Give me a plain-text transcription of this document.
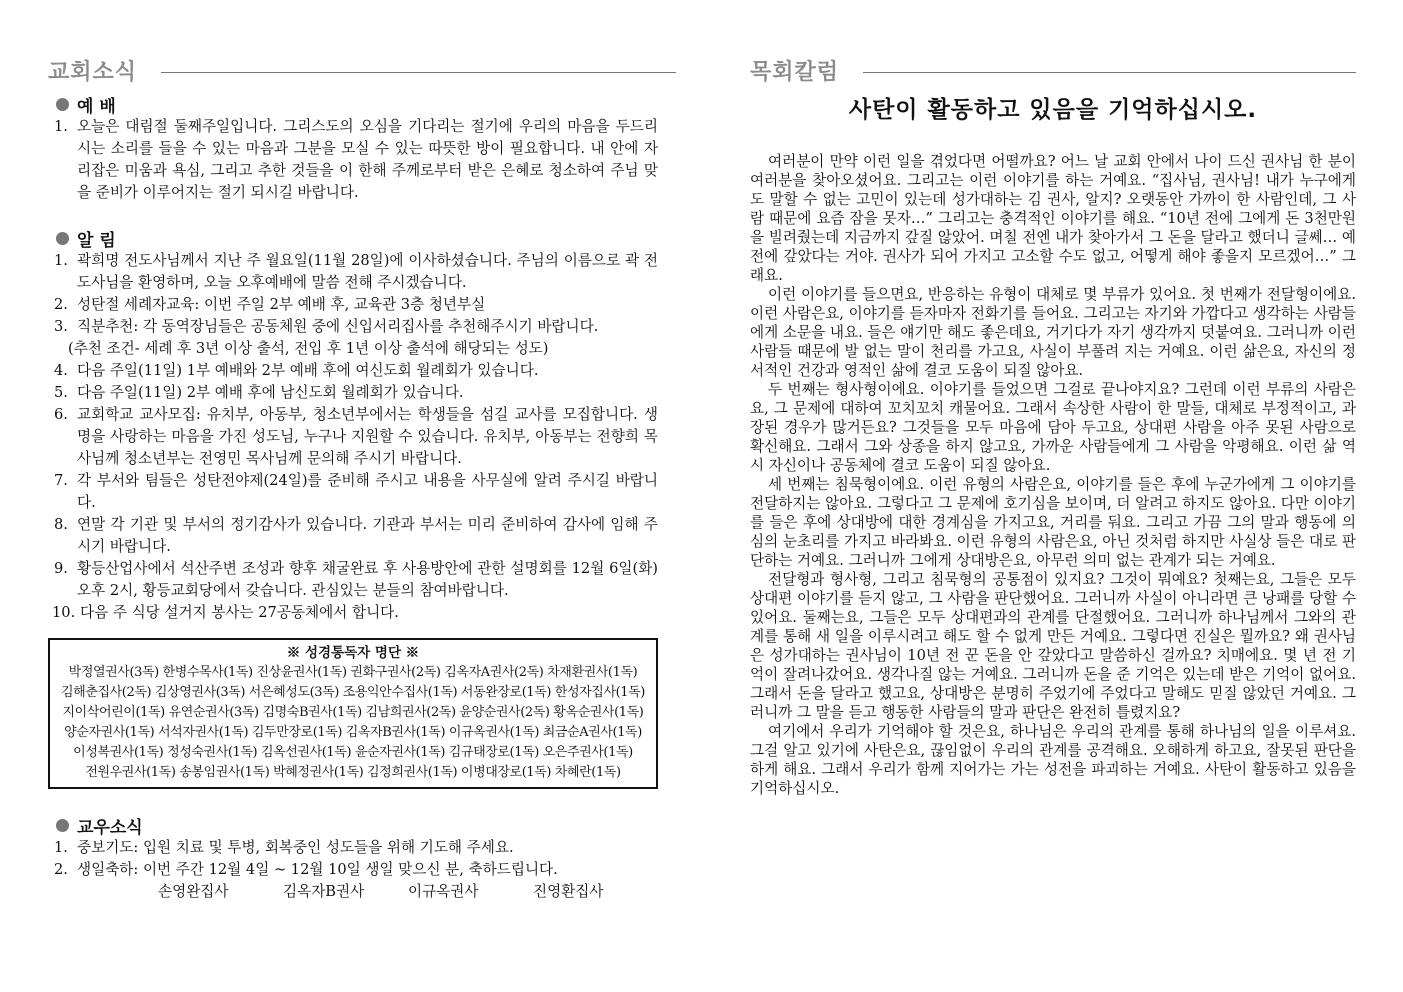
교회소식
예 배
1. 오늘은 대림절 둘째주일입니다. 그리스도의 오심을 기다리는 절기에 우리의 마음을 두드리시는 소리를 들을 수 있는 마음과 그분을 모실 수 있는 따뜻한 방이 필요합니다. 내 안에 자리잡은 미움과 욕심, 그리고 추한 것들을 이 한해 주께로부터 받은 은혜로 청소하여 주님 맞을 준비가 이루어지는 절기 되시길 바랍니다.
알 림
1. 곽희명 전도사님께서 지난 주 월요일(11월 28일)에 이사하셨습니다. 주님의 이름으로 곽 전도사님을 환영하며, 오늘 오후예배에 말씀 전해 주시겠습니다.
2. 성탄절 세례자교육: 이번 주일 2부 예배 후, 교육관 3층 청년부실
3. 직분추천: 각 동역장님들은 공동체원 중에 신입서리집사를 추천해주시기 바랍니다.
(추천 조건- 세례 후 3년 이상 출석, 전입 후 1년 이상 출석에 해당되는 성도)
4. 다음 주일(11일) 1부 예배와 2부 예배 후에 여신도회 월례회가 있습니다.
5. 다음 주일(11일) 2부 예배 후에 남신도회 월례회가 있습니다.
6. 교회학교 교사모집: 유치부, 아동부, 청소년부에서는 학생들을 섬길 교사를 모집합니다. 생명을 사랑하는 마음을 가진 성도님, 누구나 지원할 수 있습니다. 유치부, 아동부는 전향희 목사님께 청소년부는 전영민 목사님께 문의해 주시기 바랍니다.
7. 각 부서와 팀들은 성탄전야제(24일)를 준비해 주시고 내용을 사무실에 알려 주시길 바랍니다.
8. 연말 각 기관 및 부서의 정기감사가 있습니다. 기관과 부서는 미리 준비하여 감사에 임해 주시기 바랍니다.
9. 황등산업사에서 석산주변 조성과 향후 채굴완료 후 사용방안에 관한 설명회를 12월 6일(화) 오후 2시, 황등교회당에서 갖습니다. 관심있는 분들의 참여바랍니다.
10. 다음 주 식당 설거지 봉사는 27공동체에서 합니다.
※ 성경통독자 명단 ※
박정열권사(3독) 한병수목사(1독) 진상윤권사(1독) 권화구권사(2독) 김옥자A권사(2독) 차재환권사(1독)
김해춘집사(2독) 김상영권사(3독) 서은혜성도(3독) 조용익안수집사(1독) 서동완장로(1독) 한성자집사(1독)
지이삭어린이(1독) 유연순권사(3독) 김명숙B권사(1독) 김남희권사(2독) 윤양순권사(2독) 황옥순권사(1독)
양순자권사(1독) 서석자권사(1독) 김두만장로(1독) 김옥자B권사(1독) 이규옥권사(1독) 최금순A권사(1독)
이성복권사(1독) 정성숙권사(1독) 김옥선권사(1독) 윤순자권사(1독) 김규태장로(1독) 오은주권사(1독)
전원우권사(1독) 송봉임권사(1독) 박혜정권사(1독) 김정희권사(1독) 이병대장로(1독) 차혜란(1독)
교우소식
1. 중보기도: 입원 치료 및 투병, 회복중인 성도들을 위해 기도해 주세요.
2. 생일축하: 이번 주간 12월 4일 ~ 12월 10일 생일 맞으신 분, 축하드립니다.
손영완집사	김옥자B권사	이규옥권사	진영환집사
목회칼럼
사탄이 활동하고 있음을 기억하십시오.

여러분이 만약 이런 일을 겪었다면 어떨까요? 어느 날 교회 안에서 나이 드신 권사님 한 분이 여러분을 찾아오셨어요. 그리고는 이런 이야기를 하는 거예요. “집사님, 권사님! 내가 누구에게도 말할 수 없는 고민이 있는데 성가대하는 김 권사, 알지? 오랫동안 가까이 한 사람인데, 그 사람 때문에 요즘 잠을 못자…” 그리고는 충격적인 이야기를 해요. “10년 전에 그에게 돈 3천만원을 빌려줬는데 지금까지 갚질 않았어. 며칠 전엔 내가 찾아가서 그 돈을 달라고 했더니 글쎄… 예전에 갚았다는 거야. 권사가 되어 가지고 고소할 수도 없고, 어떻게 해야 좋을지 모르겠어…” 그래요.

이런 이야기를 들으면요, 반응하는 유형이 대체로 몇 부류가 있어요. 첫 번째가 전달형이에요. 이런 사람은요, 이야기를 듣자마자 전화기를 들어요. 그리고는 자기와 가깝다고 생각하는 사람들에게 소문을 내요. 들은 얘기만 해도 좋은데요, 거기다가 자기 생각까지 덧붙여요. 그러니까 이런 사람들 때문에 발 없는 말이 천리를 가고요, 사실이 부풀려 지는 거예요. 이런 삶은요, 자신의 정서적인 건강과 영적인 삶에 결코 도움이 되질 않아요.

두 번째는 형사형이에요. 이야기를 들었으면 그걸로 끝나야지요? 그런데 이런 부류의 사람은요, 그 문제에 대하여 꼬치꼬치 캐물어요. 그래서 속상한 사람이 한 말들, 대체로 부정적이고, 과장된 경우가 많거든요? 그것들을 모두 마음에 담아 두고요, 상대편 사람을 아주 못된 사람으로 확신해요. 그래서 그와 상종을 하지 않고요, 가까운 사람들에게 그 사람을 악평해요. 이런 삶 역시 자신이나 공동체에 결코 도움이 되질 않아요.

세 번째는 침묵형이에요. 이런 유형의 사람은요, 이야기를 들은 후에 누군가에게 그 이야기를 전달하지는 않아요. 그렇다고 그 문제에 호기심을 보이며, 더 알려고 하지도 않아요. 다만 이야기를 들은 후에 상대방에 대한 경계심을 가지고요, 거리를 둬요. 그리고 가끔 그의 말과 행동에 의심의 눈초리를 가지고 바라봐요. 이런 유형의 사람은요, 아닌 것처럼 하지만 사실상 들은 대로 판단하는 거예요. 그러니까 그에게 상대방은요, 아무런 의미 없는 관계가 되는 거예요.

전달형과 형사형, 그리고 침묵형의 공통점이 있지요? 그것이 뭐예요? 첫째는요, 그들은 모두 상대편 이야기를 듣지 않고, 그 사람을 판단했어요. 그러니까 사실이 아니라면 큰 낭패를 당할 수 있어요. 둘째는요, 그들은 모두 상대편과의 관계를 단절했어요. 그러니까 하나님께서 그와의 관계를 통해 새 일을 이루시려고 해도 할 수 없게 만든 거예요. 그렇다면 진실은 뭘까요? 왜 권사님은 성가대하는 권사님이 10년 전 꾼 돈을 안 갚았다고 말씀하신 걸까요? 치매에요. 몇 년 전 기억이 잘려나갔어요. 생각나질 않는 거예요. 그러니까 돈을 준 기억은 있는데 받은 기억이 없어요. 그래서 돈을 달라고 했고요, 상대방은 분명히 주었기에 주었다고 말해도 믿질 않았던 거예요. 그러니까 그 말을 듣고 행동한 사람들의 말과 판단은 완전히 틀렸지요?

여기에서 우리가 기억해야 할 것은요, 하나님은 우리의 관계를 통해 하나님의 일을 이루셔요. 그걸 알고 있기에 사탄은요, 끊임없이 우리의 관계를 공격해요. 오해하게 하고요, 잘못된 판단을 하게 해요. 그래서 우리가 함께 지어가는 가는 성전을 파괴하는 거예요. 사탄이 활동하고 있음을 기억하십시오.
